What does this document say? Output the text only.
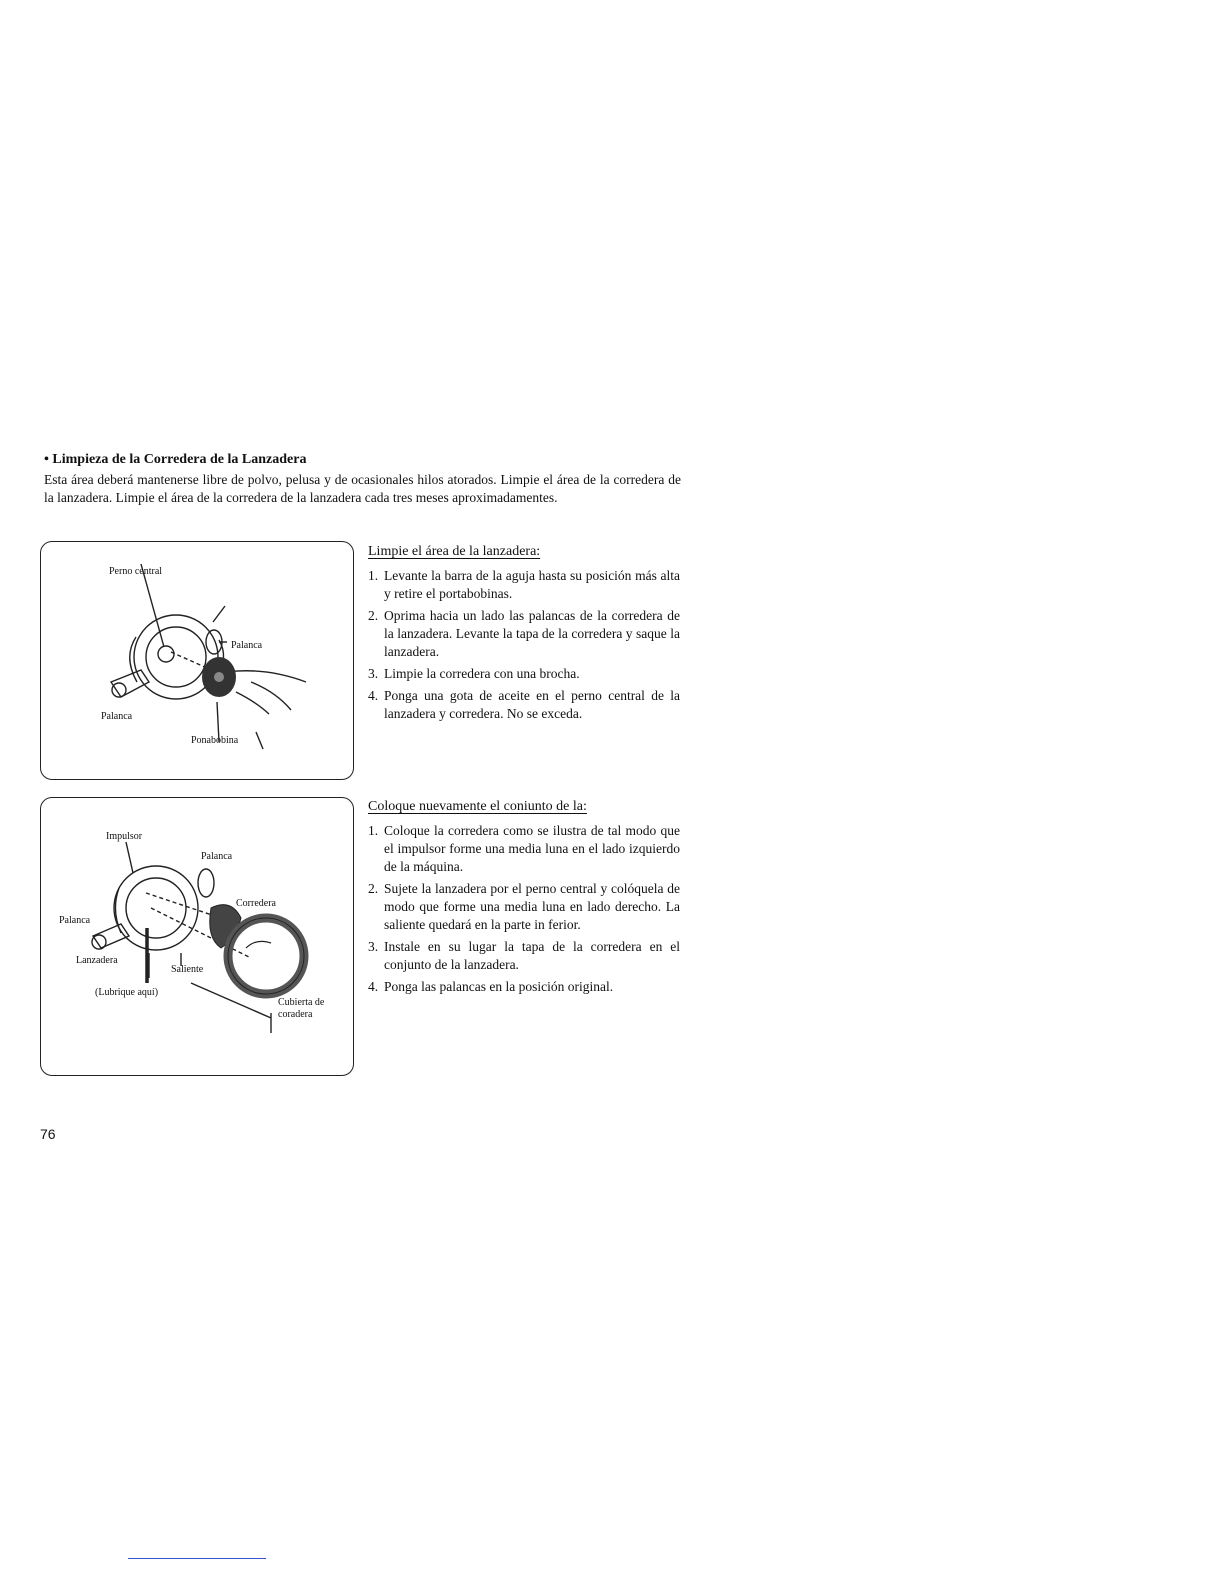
• Limpieza de la Corredera de la Lanzadera
Esta área deberá mantenerse libre de polvo, pelusa y de ocasionales hilos atorados. Limpie el área de la corredera de la lanzadera. Limpie el área de la corredera de la lanzadera cada tres meses aproximadamentes.
Perno central
Palanca
Palanca
Ponabobina
Impulsor
Palanca
Corredera
Palanca
Lanzadera
Saliente
(Lubrique aquí)
Cubierta de
coradera
Limpie el área de la lanzadera:
1. Levante la barra de la aguja hasta su posición más alta y retire el portabobinas.
2. Oprima hacia un lado las palancas de la corredera de la lanzadera. Levante la tapa de la corredera y saque la lanzadera.
3. Limpie la corredera con una brocha.
4. Ponga una gota de aceite en el perno central de la lanzadera y corredera. No se exceda.
Coloque nuevamente el coniunto de la:
1. Coloque la corredera como se ilustra de tal modo que el impulsor forme una media luna en el lado izquierdo de la máquina.
2. Sujete la lanzadera por el perno central y colóquela de modo que forme una media luna en lado derecho. La saliente quedará en la parte in ferior.
3. Instale en su lugar la tapa de la corredera en el conjunto de la lanzadera.
4. Ponga las palancas en la posición original.
76
